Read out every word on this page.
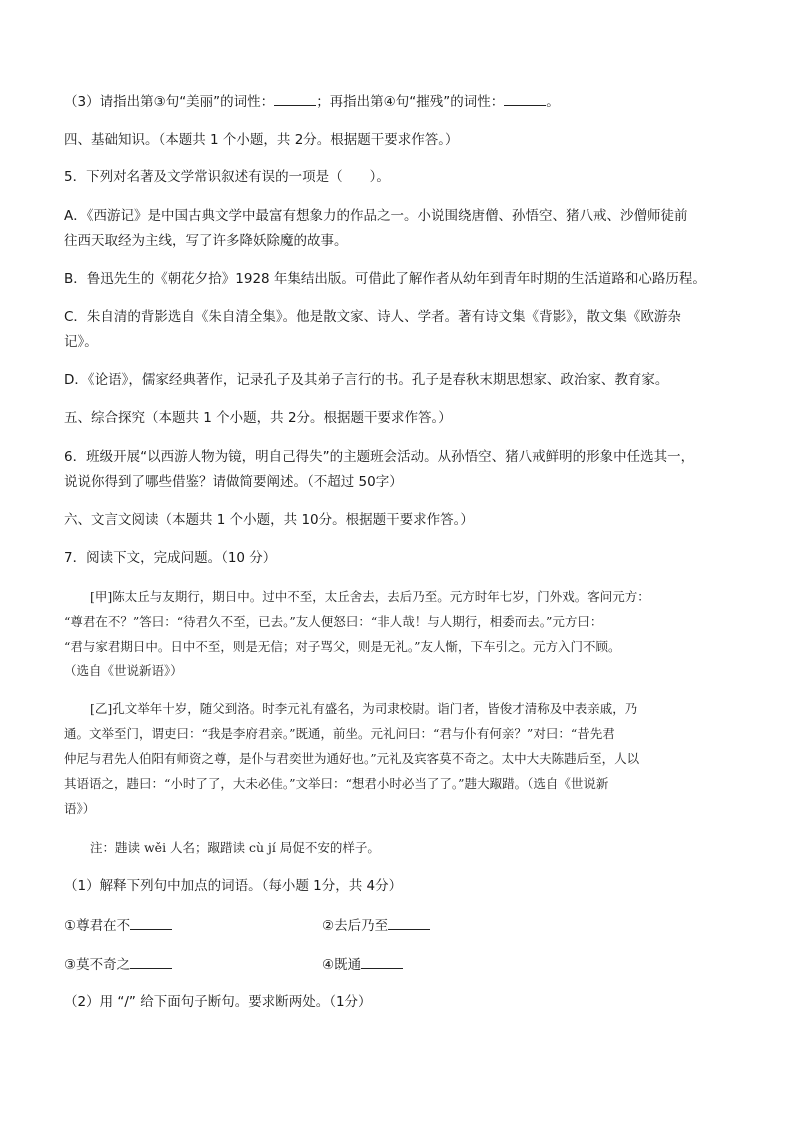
（3）请指出第③句“美丽”的词性：	；再指出第④句“摧残”的词性：	。
四、基础知识。（本题共 1 个小题，共 2分。根据题干要求作答。）
5．下列对名著及文学常识叙述有误的一项是（　　）。
A．《西游记》是中国古典文学中最富有想象力的作品之一。小说围绕唐僧、孙悟空、猪八戒、沙僧师徒前
往西天取经为主线，写了许多降妖除魔的故事。
B．鲁迅先生的《朝花夕拾》1928 年集结出版。可借此了解作者从幼年到青年时期的生活道路和心路历程。
C．朱自清的背影选自《朱自清全集》。他是散文家、诗人、学者。著有诗文集《背影》，散文集《欧游杂
记》。
D．《论语》，儒家经典著作，记录孔子及其弟子言行的书。孔子是春秋末期思想家、政治家、教育家。
五、综合探究（本题共 1 个小题，共 2分。根据题干要求作答。）
6．班级开展“以西游人物为镜，明自己得失”的主题班会活动。从孙悟空、猪八戒鲜明的形象中任选其一，
说说你得到了哪些借鉴？请做简要阐述。（不超过 50字）
六、文言文阅读（本题共 1 个小题，共 10分。根据题干要求作答。）
7．阅读下文，完成问题。（10 分）
[甲]陈太丘与友期行，期日中。过中不至，太丘舍去，去后乃至。元方时年七岁，门外戏。客问元方：
“尊君在不？”答曰：“待君久不至，已去。”友人便怒曰：“非人哉！与人期行，相委而去。”元方曰：
“君与家君期日中。日中不至，则是无信；对子骂父，则是无礼。”友人惭，下车引之。元方入门不顾。
（选自《世说新语》）
[乙]孔文举年十岁，随父到洛。时李元礼有盛名，为司隶校尉。诣门者，皆俊才清称及中表亲戚，乃
通。文举至门，谓吏曰：“我是李府君亲。”既通，前坐。元礼问曰：“君与仆有何亲？”对曰：“昔先君
仲尼与君先人伯阳有师资之尊，是仆与君奕世为通好也。”元礼及宾客莫不奇之。太中大夫陈韪后至，人以
其语语之，韪曰：“小时了了，大未必佳。”文举曰：“想君小时必当了了。”韪大踧踖。（选自《世说新
语》）
注：韪读 wěi 人名；踧踖读 cù jí 局促不安的样子。
（1）解释下列句中加点的词语。（每小题 1分，共 4分）
①尊君在不	②去后乃至
③莫不奇之	④既通
（2）用 “/” 给下面句子断句。要求断两处。（1分）
